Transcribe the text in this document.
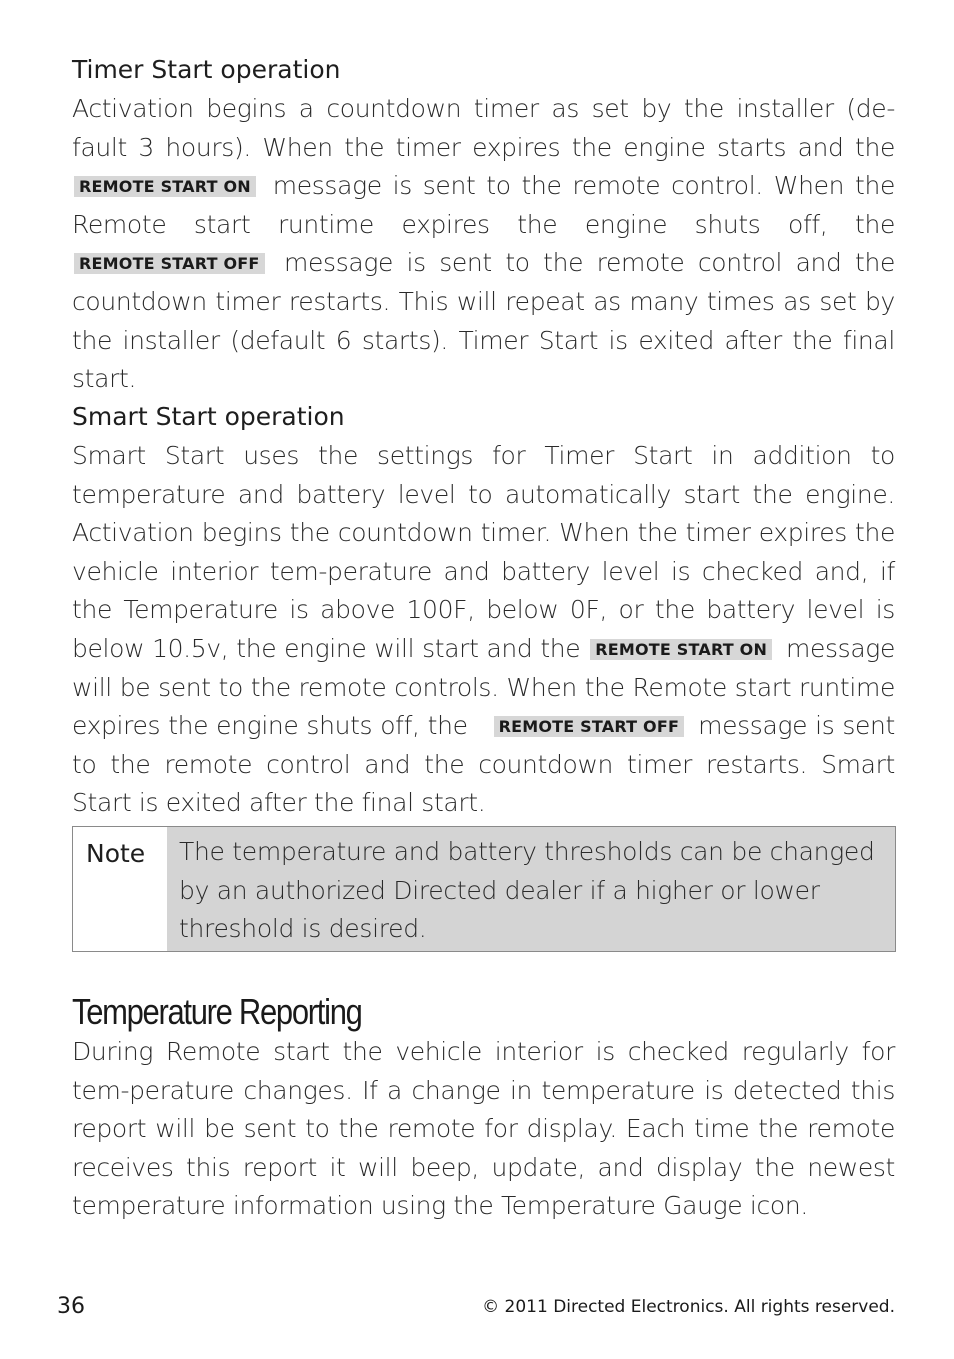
Timer Start operation

Activation begins a countdown timer as set by the installer (de-fault 3 hours). When the timer expires the engine starts and the REMOTE START ON message is sent to the remote control. When the Remote start runtime expires the engine shuts off, the REMOTE START OFF message is sent to the remote control and the countdown timer restarts. This will repeat as many times as set by the installer (default 6 starts). Timer Start is exited after the final start.

Smart Start operation

Smart Start uses the settings for Timer Start in addition to temperature and battery level to automatically start the engine. Activation begins the countdown timer. When the timer expires the vehicle interior tem-perature and battery level is checked and, if the Temperature is above 100F, below 0F, or the battery level is below 10.5v, the engine will start and the REMOTE START ON message will be sent to the remote controls. When the Remote start runtime expires the engine shuts off, the REMOTE START OFF message is sent to the remote control and the countdown timer restarts. Smart Start is exited after the final start.

Note	The temperature and battery thresholds can be changed by an authorized Directed dealer if a higher or lower threshold is desired.
Temperature Reporting

During Remote start the vehicle interior is checked regularly for tem-perature changes. If a change in temperature is detected this report will be sent to the remote for display. Each time the remote receives this report it will beep, update, and display the newest temperature information using the Temperature Gauge icon.

36	© 2011 Directed Electronics. All rights reserved.
